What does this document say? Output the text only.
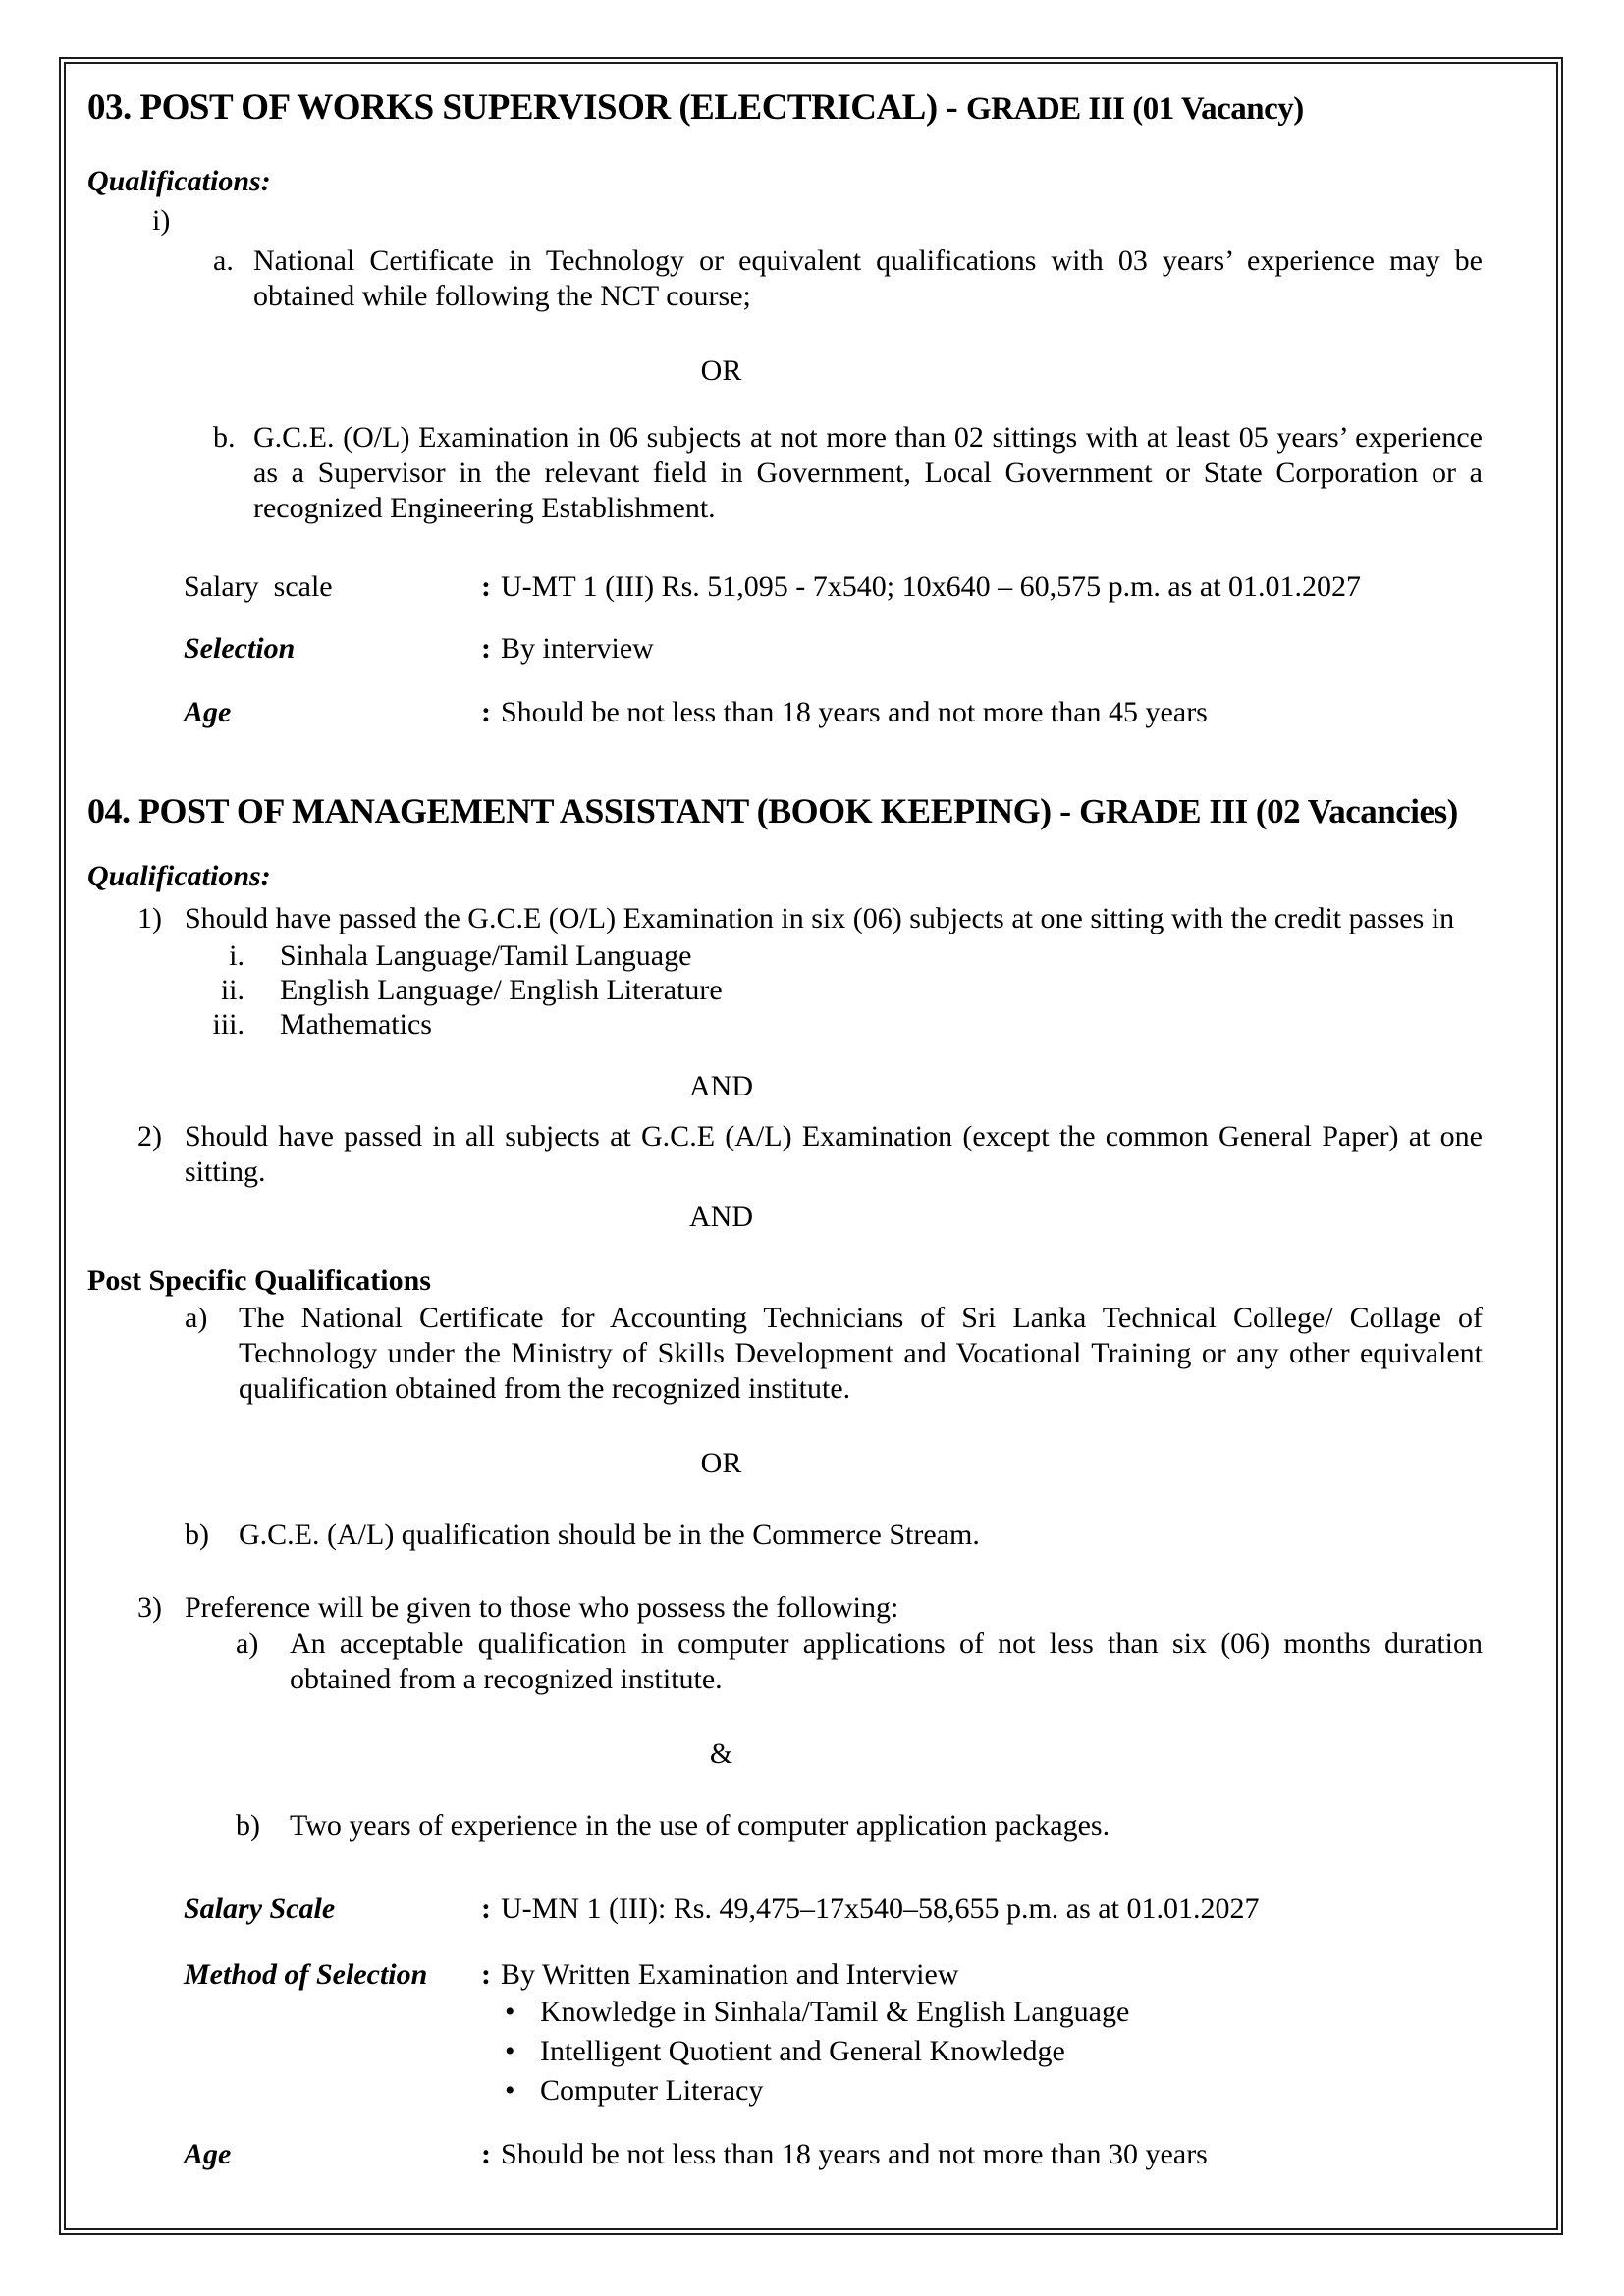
03. POST OF WORKS SUPERVISOR (ELECTRICAL) - GRADE III (01 Vacancy)
Qualifications:
i)
a. National Certificate in Technology or equivalent qualifications with 03 years’ experience may be obtained while following the NCT course;
OR
b. G.C.E. (O/L) Examination in 06 subjects at not more than 02 sittings with at least 05 years’ experience as a Supervisor in the relevant field in Government, Local Government or State Corporation or a recognized Engineering Establishment.
Salary  scale	: U-MT 1 (III) Rs. 51,095 - 7x540; 10x640 – 60,575 p.m. as at 01.01.2027
Selection	: By interview
Age	: Should be not less than 18 years and not more than 45 years
04. POST OF MANAGEMENT ASSISTANT (BOOK KEEPING) - GRADE III (02 Vacancies)
Qualifications:
1) Should have passed the G.C.E (O/L) Examination in six (06) subjects at one sitting with the credit passes in
i. Sinhala Language/Tamil Language
ii. English Language/ English Literature
iii. Mathematics
AND
2) Should have passed in all subjects at G.C.E (A/L) Examination (except the common General Paper) at one sitting.
AND
Post Specific Qualifications
a)	The National Certificate for Accounting Technicians of Sri Lanka Technical College/ Collage of Technology under the Ministry of Skills Development and Vocational Training or any other equivalent qualification obtained from the recognized institute.
OR
b)	G.C.E. (A/L) qualification should be in the Commerce Stream.
3) Preference will be given to those who possess the following:
a)	An acceptable qualification in computer applications of not less than six (06) months duration obtained from a recognized institute.
&
b)	Two years of experience in the use of computer application packages.
Salary Scale	: U-MN 1 (III): Rs. 49,475–17x540–58,655 p.m. as at 01.01.2027
Method of Selection	: By Written Examination and Interview
• Knowledge in Sinhala/Tamil & English Language
• Intelligent Quotient and General Knowledge
• Computer Literacy
Age	: Should be not less than 18 years and not more than 30 years
